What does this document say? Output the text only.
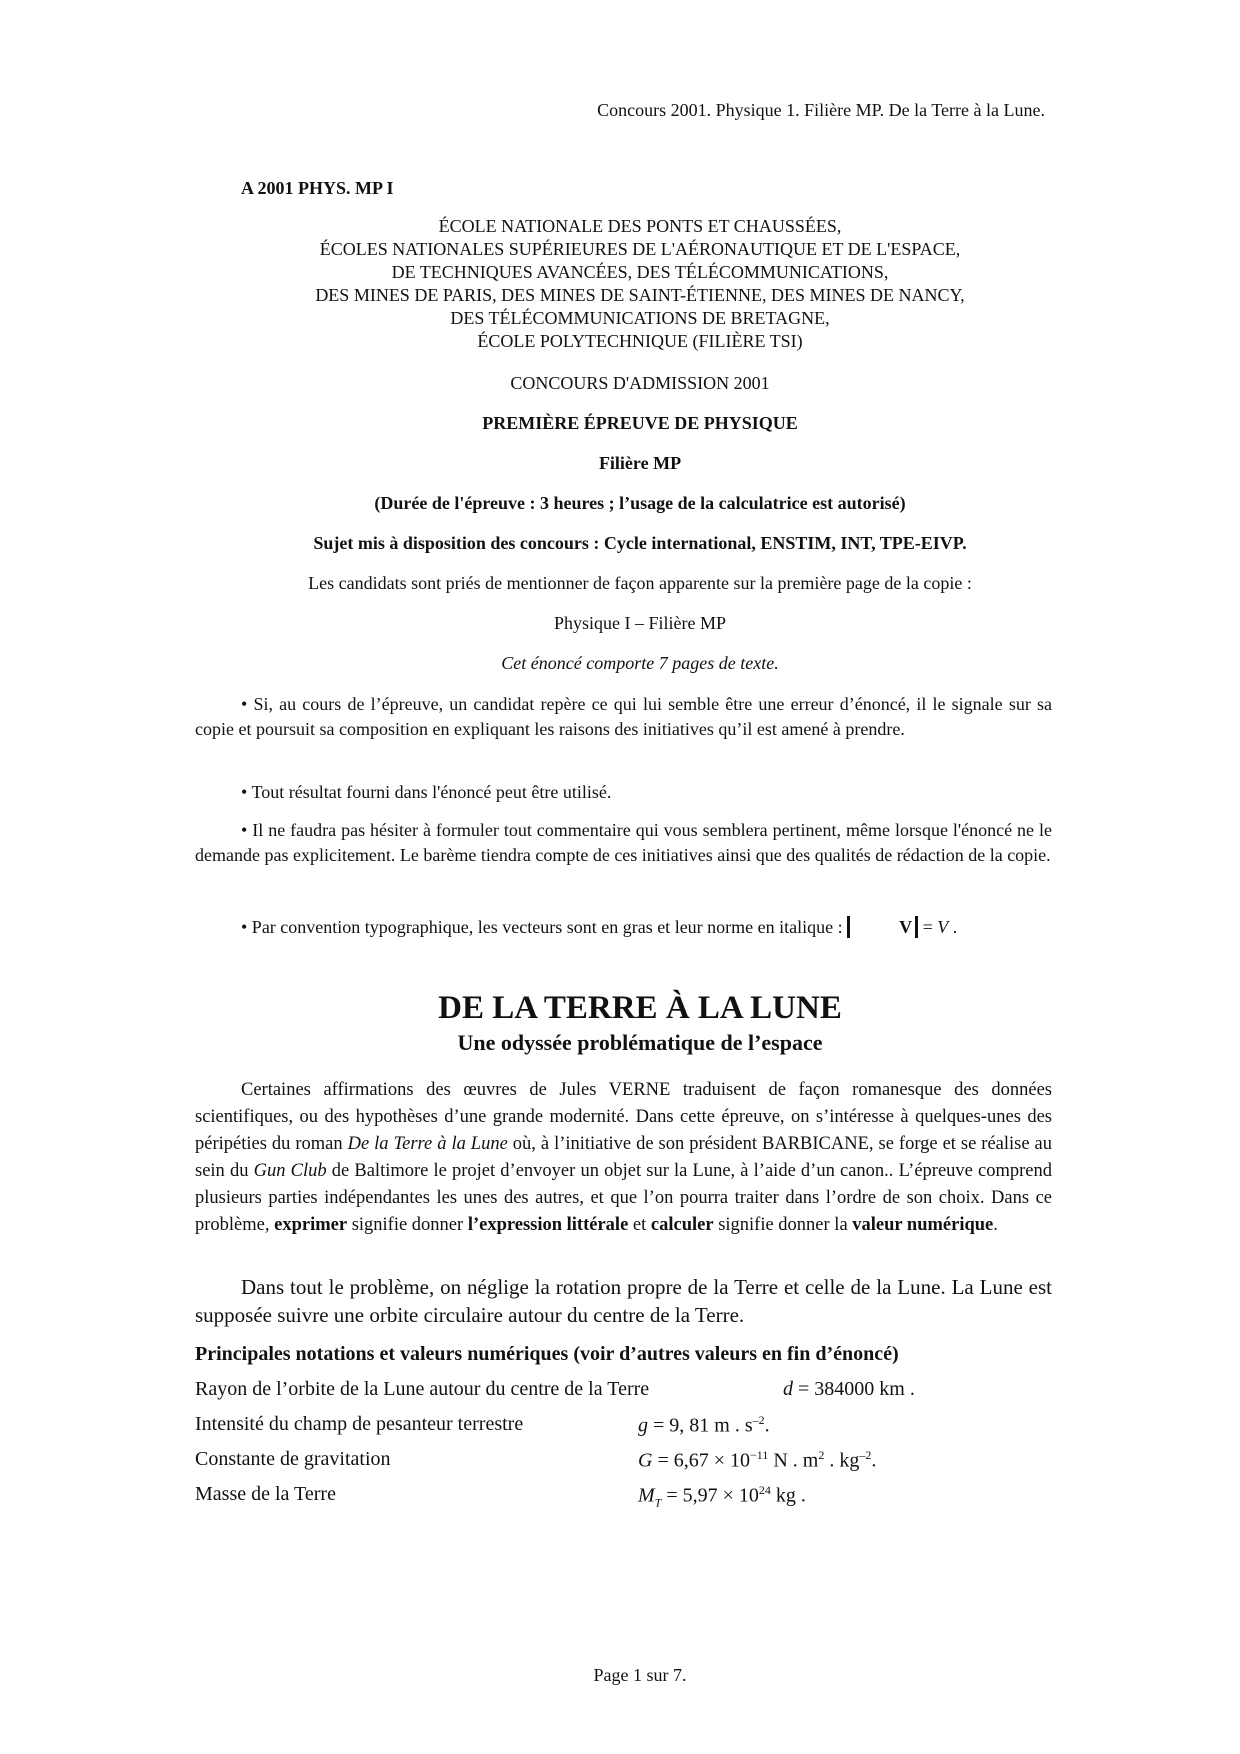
Concours 2001. Physique 1. Filière MP. De la Terre à la Lune.
A 2001 PHYS. MP I
ÉCOLE NATIONALE DES PONTS ET CHAUSSÉES,
ÉCOLES NATIONALES SUPÉRIEURES DE L'AÉRONAUTIQUE ET DE L'ESPACE,
DE TECHNIQUES AVANCÉES, DES TÉLÉCOMMUNICATIONS,
DES MINES DE PARIS, DES MINES DE SAINT-ÉTIENNE, DES MINES DE NANCY,
DES TÉLÉCOMMUNICATIONS DE BRETAGNE,
ÉCOLE POLYTECHNIQUE (FILIÈRE TSI)
CONCOURS D'ADMISSION 2001
PREMIÈRE ÉPREUVE DE PHYSIQUE
Filière MP
(Durée de l'épreuve : 3 heures ; l’usage de la calculatrice est autorisé)
Sujet mis à disposition des concours : Cycle international, ENSTIM, INT, TPE-EIVP.
Les candidats sont priés de mentionner de façon apparente sur la première page de la copie :
Physique I – Filière MP
Cet énoncé comporte 7 pages de texte.
• Si, au cours de l’épreuve, un candidat repère ce qui lui semble être une erreur d’énoncé, il le signale sur sa copie et poursuit sa composition en expliquant les raisons des initiatives qu’il est amené à prendre.
• Tout résultat fourni dans l'énoncé peut être utilisé.
• Il ne faudra pas hésiter à formuler tout commentaire qui vous semblera pertinent, même lorsque l'énoncé ne le demande pas explicitement. Le barème tiendra compte de ces initiatives ainsi que des qualités de rédaction de la copie.
• Par convention typographique, les vecteurs sont en gras et leur norme en italique :	V = V .
DE LA TERRE À LA LUNE
Une odyssée problématique de l’espace
Certaines affirmations des œuvres de Jules VERNE traduisent de façon romanesque des données scientifiques, ou des hypothèses d’une grande modernité. Dans cette épreuve, on s’intéresse à quelques-unes des péripéties du roman De la Terre à la Lune où, à l’initiative de son président BARBICANE, se forge et se réalise au sein du Gun Club de Baltimore le projet d’envoyer un objet sur la Lune, à l’aide d’un canon.. L’épreuve comprend plusieurs parties indépendantes les unes des autres, et que l’on pourra traiter dans l’ordre de son choix. Dans ce problème, exprimer signifie donner l’expression littérale et calculer signifie donner la valeur numérique.
Dans tout le problème, on néglige la rotation propre de la Terre et celle de la Lune. La Lune est supposée suivre une orbite circulaire autour du centre de la Terre.
Principales notations et valeurs numériques (voir d’autres valeurs en fin d’énoncé)
Rayon de l’orbite de la Lune autour du centre de la Terre	d = 384000 km .
Intensité du champ de pesanteur terrestre	g = 9, 81 m . $s^{-2}$.
Constante de gravitation	$G = 6,67 \times 10^{-11}$ N . $m^2$ . $kg^{-2}$.
Masse de la Terre	$M_T = 5,97 \times 10^{24}$ kg .
Page 1 sur 7.
